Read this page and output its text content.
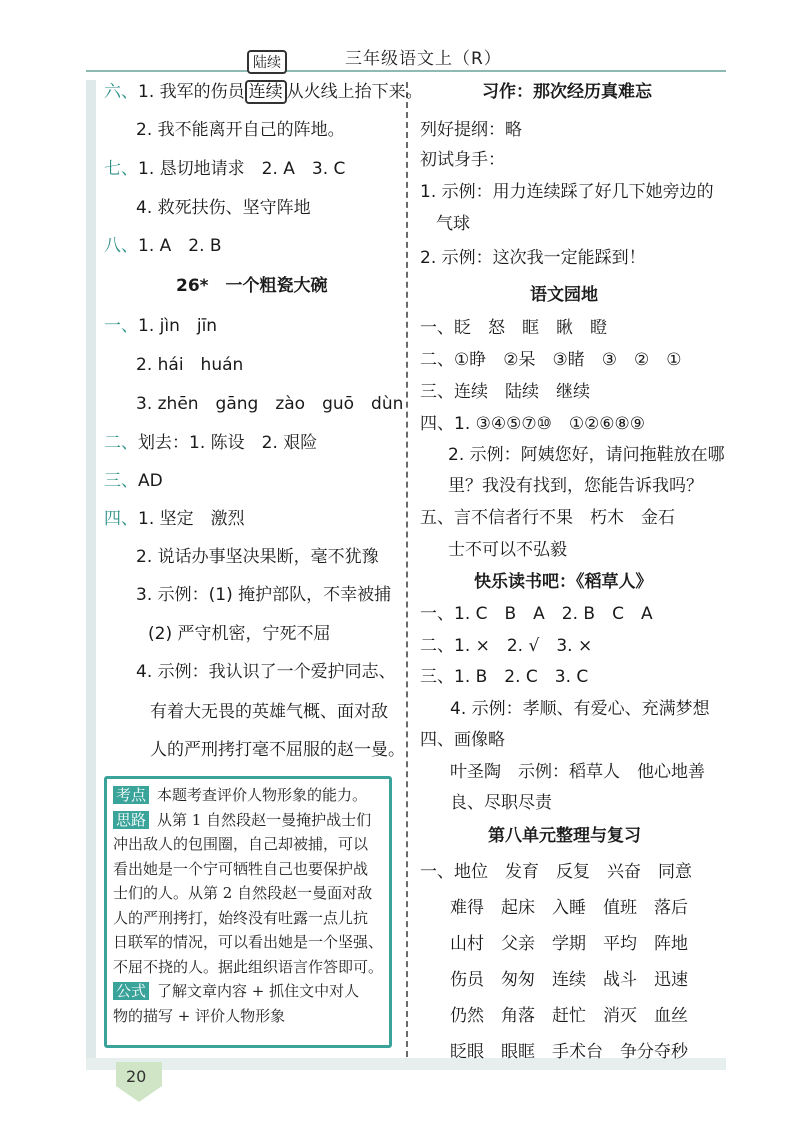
三年级语文上（R）
陆续
六、1. 我军的伤员 连续 从火线上抬下来。
2. 我不能离开自己的阵地。
七、1. 恳切地请求　2. A　3. C
4. 救死扶伤、坚守阵地
八、1. A　2. B
26*　一个粗瓷大碗
一、1. jìn　jīn
2. hái　huán
3. zhēn　gāng　zào　guō　dùn
二、划去：1. 陈设　2. 艰险
三、AD
四、1. 坚定　激烈
2. 说话办事坚决果断，毫不犹豫
3. 示例：(1) 掩护部队，不幸被捕
(2) 严守机密，宁死不屈
4. 示例：我认识了一个爱护同志、
有着大无畏的英雄气概、面对敌
人的严刑拷打毫不屈服的赵一曼。
考点 本题考查评价人物形象的能力。
思路 从第 1 自然段赵一曼掩护战士们
冲出敌人的包围圈，自己却被捕，可以
看出她是一个宁可牺牲自己也要保护战
士们的人。从第 2 自然段赵一曼面对敌
人的严刑拷打，始终没有吐露一点儿抗
日联军的情况，可以看出她是一个坚强、
不屈不挠的人。据此组织语言作答即可。
公式 了解文章内容 + 抓住文中对人
物的描写 + 评价人物形象
习作：那次经历真难忘
列好提纲：略
初试身手：
1. 示例：用力连续踩了好几下她旁边的
气球
2. 示例：这次我一定能踩到！
语文园地
一、眨　怒　眶　瞅　瞪
二、①睁　②呆　③睹　③　②　①
三、连续　陆续　继续
四、1. ③④⑤⑦⑩　①②⑥⑧⑨
2. 示例：阿姨您好，请问拖鞋放在哪
里？我没有找到，您能告诉我吗？
五、言不信者行不果　朽木　金石
士不可以不弘毅
快乐读书吧：《稻草人》
一、1. C　B　A　2. B　C　A
二、1. ×　2. √　3. ×
三、1. B　2. C　3. C
4. 示例：孝顺、有爱心、充满梦想
四、画像略
叶圣陶　示例：稻草人　他心地善
良、尽职尽责
第八单元整理与复习
一、地位　发育　反复　兴奋　同意
难得　起床　入睡　值班　落后
山村　父亲　学期　平均　阵地
伤员　匆匆　连续　战斗　迅速
仍然　角落　赶忙　消灭　血丝
眨眼　眼眶　手术台　争分夺秒
20
